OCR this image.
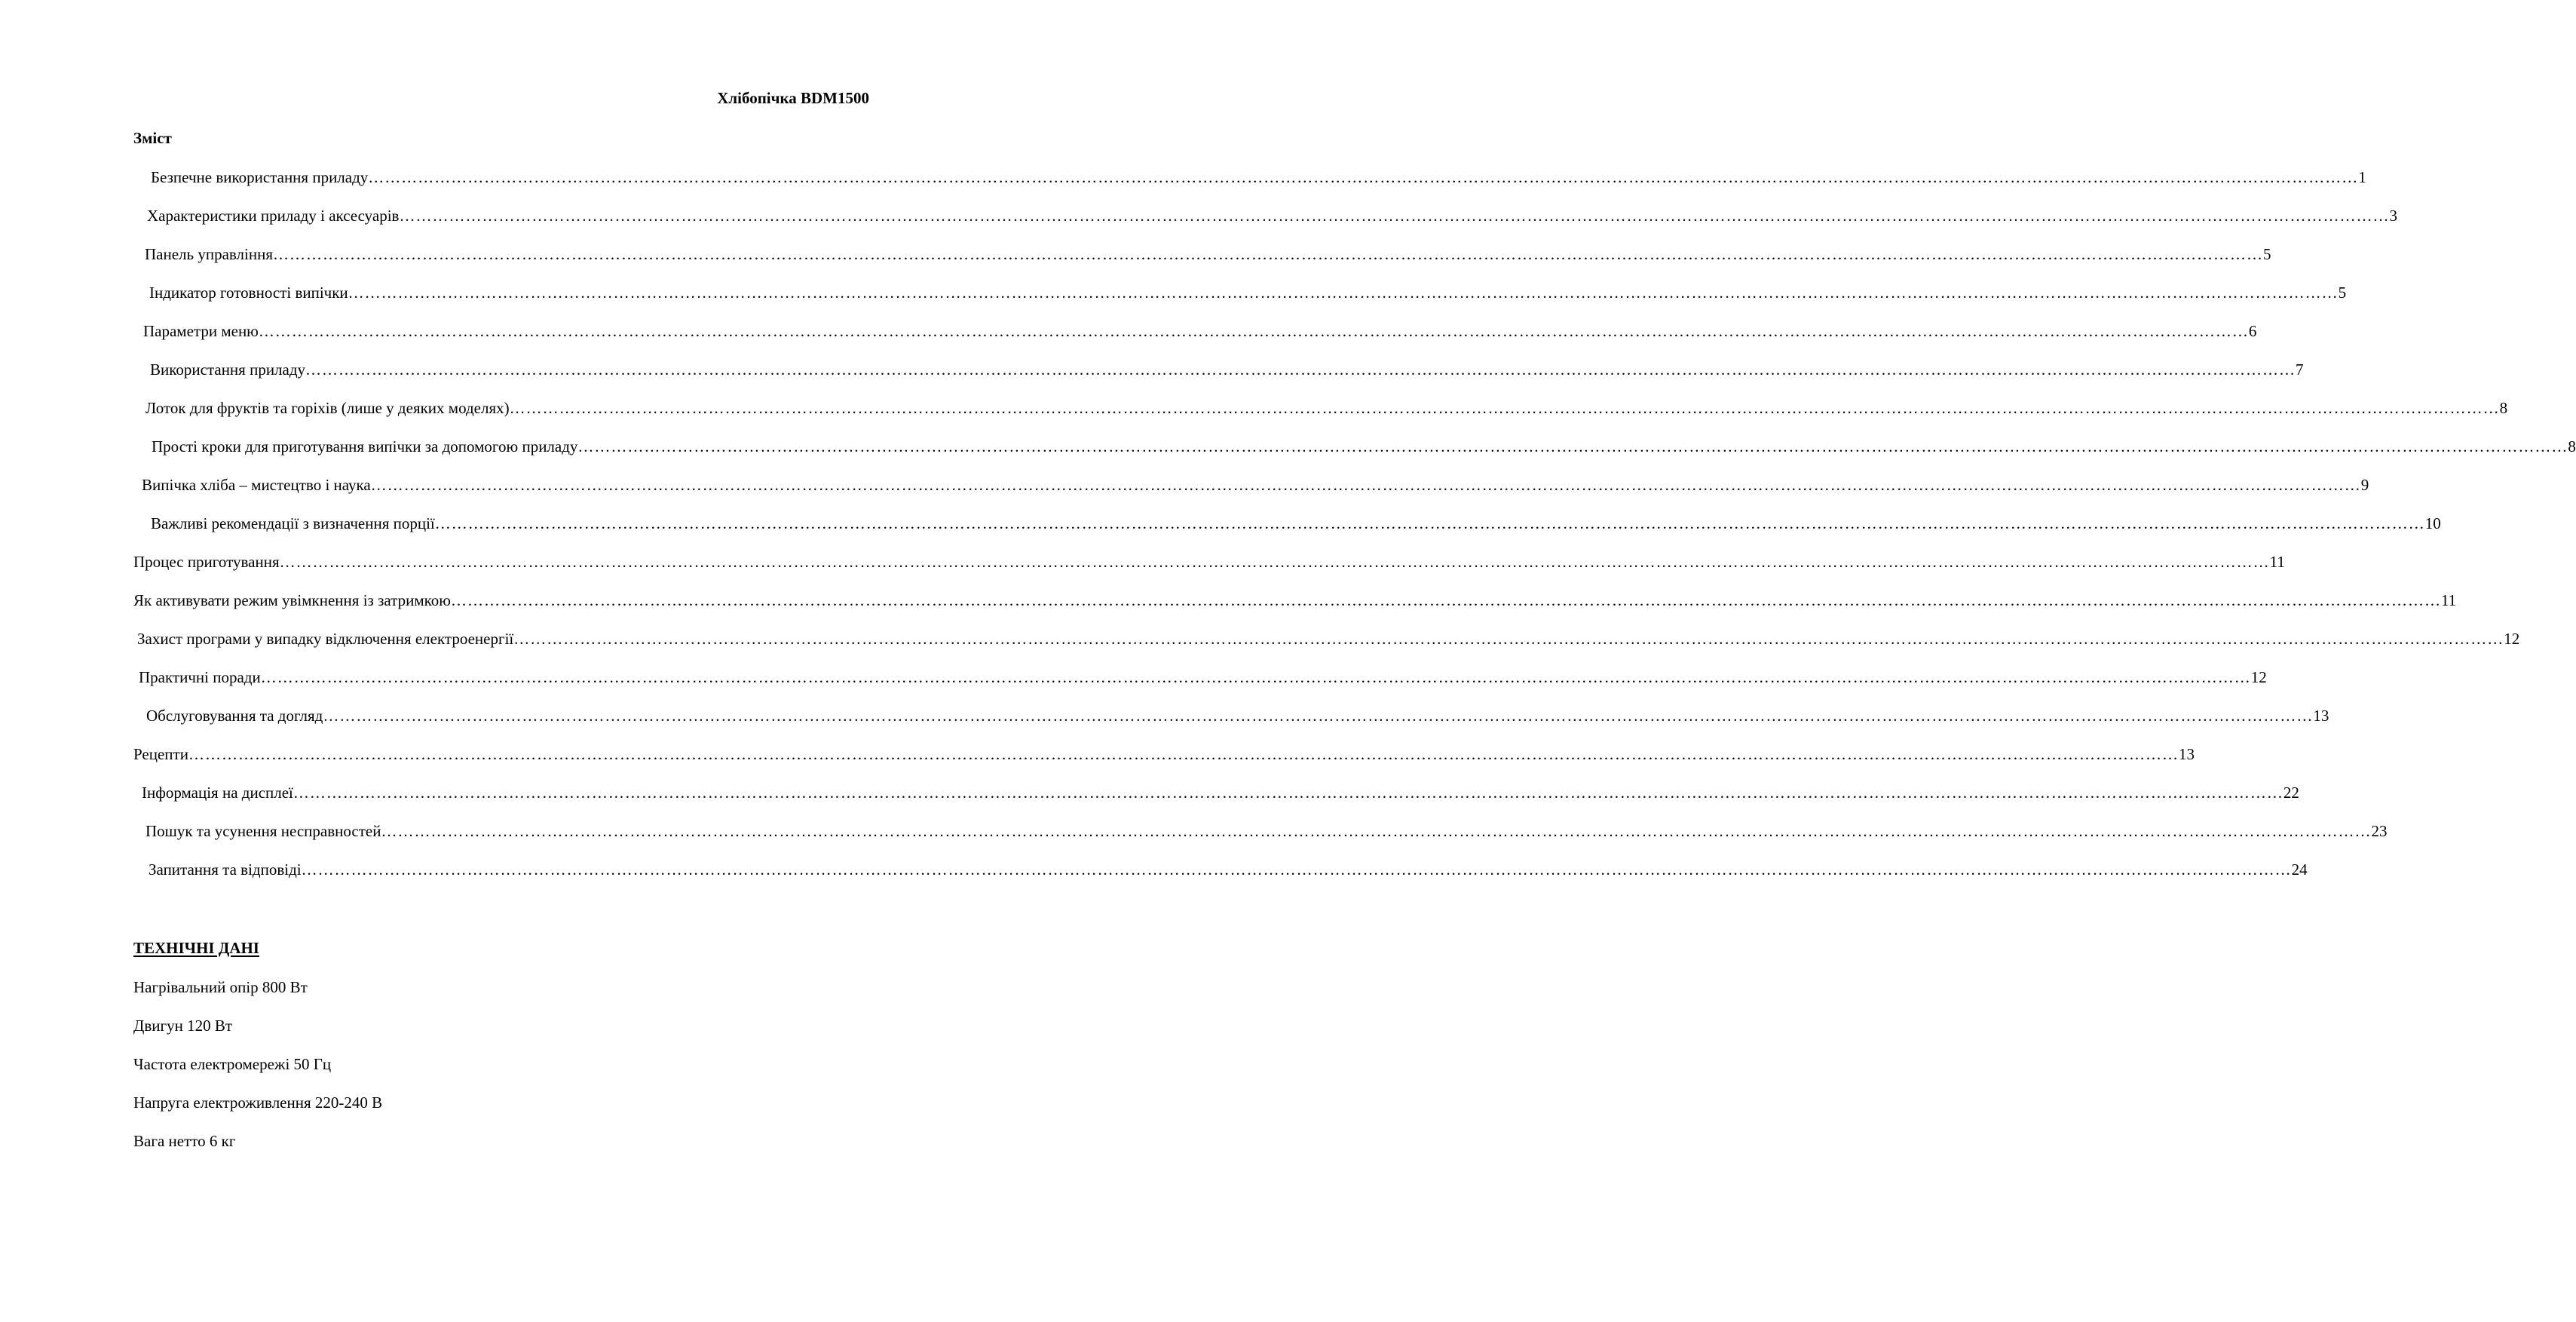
Хлібопічка BDM1500
Зміст
Безпечне використання приладу ……………………………………………………………………………………………………………………………………………………………………………………………………………………………………………………………………………………………………………………………… 1
Характеристики приладу і аксесуарів ……………………………………………………………………………………………………………………………………………………………………………………………………………………………………………………………………………………………………………………………… 3
Панель управління ……………………………………………………………………………………………………………………………………………………………………………………………………………………………………………………………………………………………………………………………… 5
Індикатор готовності випічки ……………………………………………………………………………………………………………………………………………………………………………………………………………………………………………………………………………………………………………………………… 5
Параметри меню ……………………………………………………………………………………………………………………………………………………………………………………………………………………………………………………………………………………………………………………………… 6
Використання приладу ……………………………………………………………………………………………………………………………………………………………………………………………………………………………………………………………………………………………………………………………… 7
Лоток для фруктів та горіхів (лише у деяких моделях) ……………………………………………………………………………………………………………………………………………………………………………………………………………………………………………………………………………………………………………………………… 8
Прості кроки для приготування випічки за допомогою приладу ……………………………………………………………………………………………………………………………………………………………………………………………………………………………………………………………………………………………………………………………… 8
Випічка хліба – мистецтво і наука ……………………………………………………………………………………………………………………………………………………………………………………………………………………………………………………………………………………………………………………………… 9
Важливі рекомендації з визначення порції ……………………………………………………………………………………………………………………………………………………………………………………………………………………………………………………………………………………………………………………………… 10
Процес приготування ……………………………………………………………………………………………………………………………………………………………………………………………………………………………………………………………………………………………………………………………… 11
Як активувати режим увімкнення із затримкою ……………………………………………………………………………………………………………………………………………………………………………………………………………………………………………………………………………………………………………………………… 11
Захист програми у випадку відключення електроенергії ……………………………………………………………………………………………………………………………………………………………………………………………………………………………………………………………………………………………………………………………… 12
Практичні поради ……………………………………………………………………………………………………………………………………………………………………………………………………………………………………………………………………………………………………………………………… 12
Обслуговування та догляд ……………………………………………………………………………………………………………………………………………………………………………………………………………………………………………………………………………………………………………………………… 13
Рецепти ……………………………………………………………………………………………………………………………………………………………………………………………………………………………………………………………………………………………………………………………… 13
Інформація на дисплеї ……………………………………………………………………………………………………………………………………………………………………………………………………………………………………………………………………………………………………………………………… 22
Пошук та усунення несправностей ……………………………………………………………………………………………………………………………………………………………………………………………………………………………………………………………………………………………………………………………… 23
Запитання та відповіді ……………………………………………………………………………………………………………………………………………………………………………………………………………………………………………………………………………………………………………………………… 24
ТЕХНІЧНІ ДАНІ
Нагрівальний опір 800 Вт
Двигун 120 Вт
Частота електромережі 50 Гц
Напруга електроживлення 220-240 В
Вага нетто 6 кг
